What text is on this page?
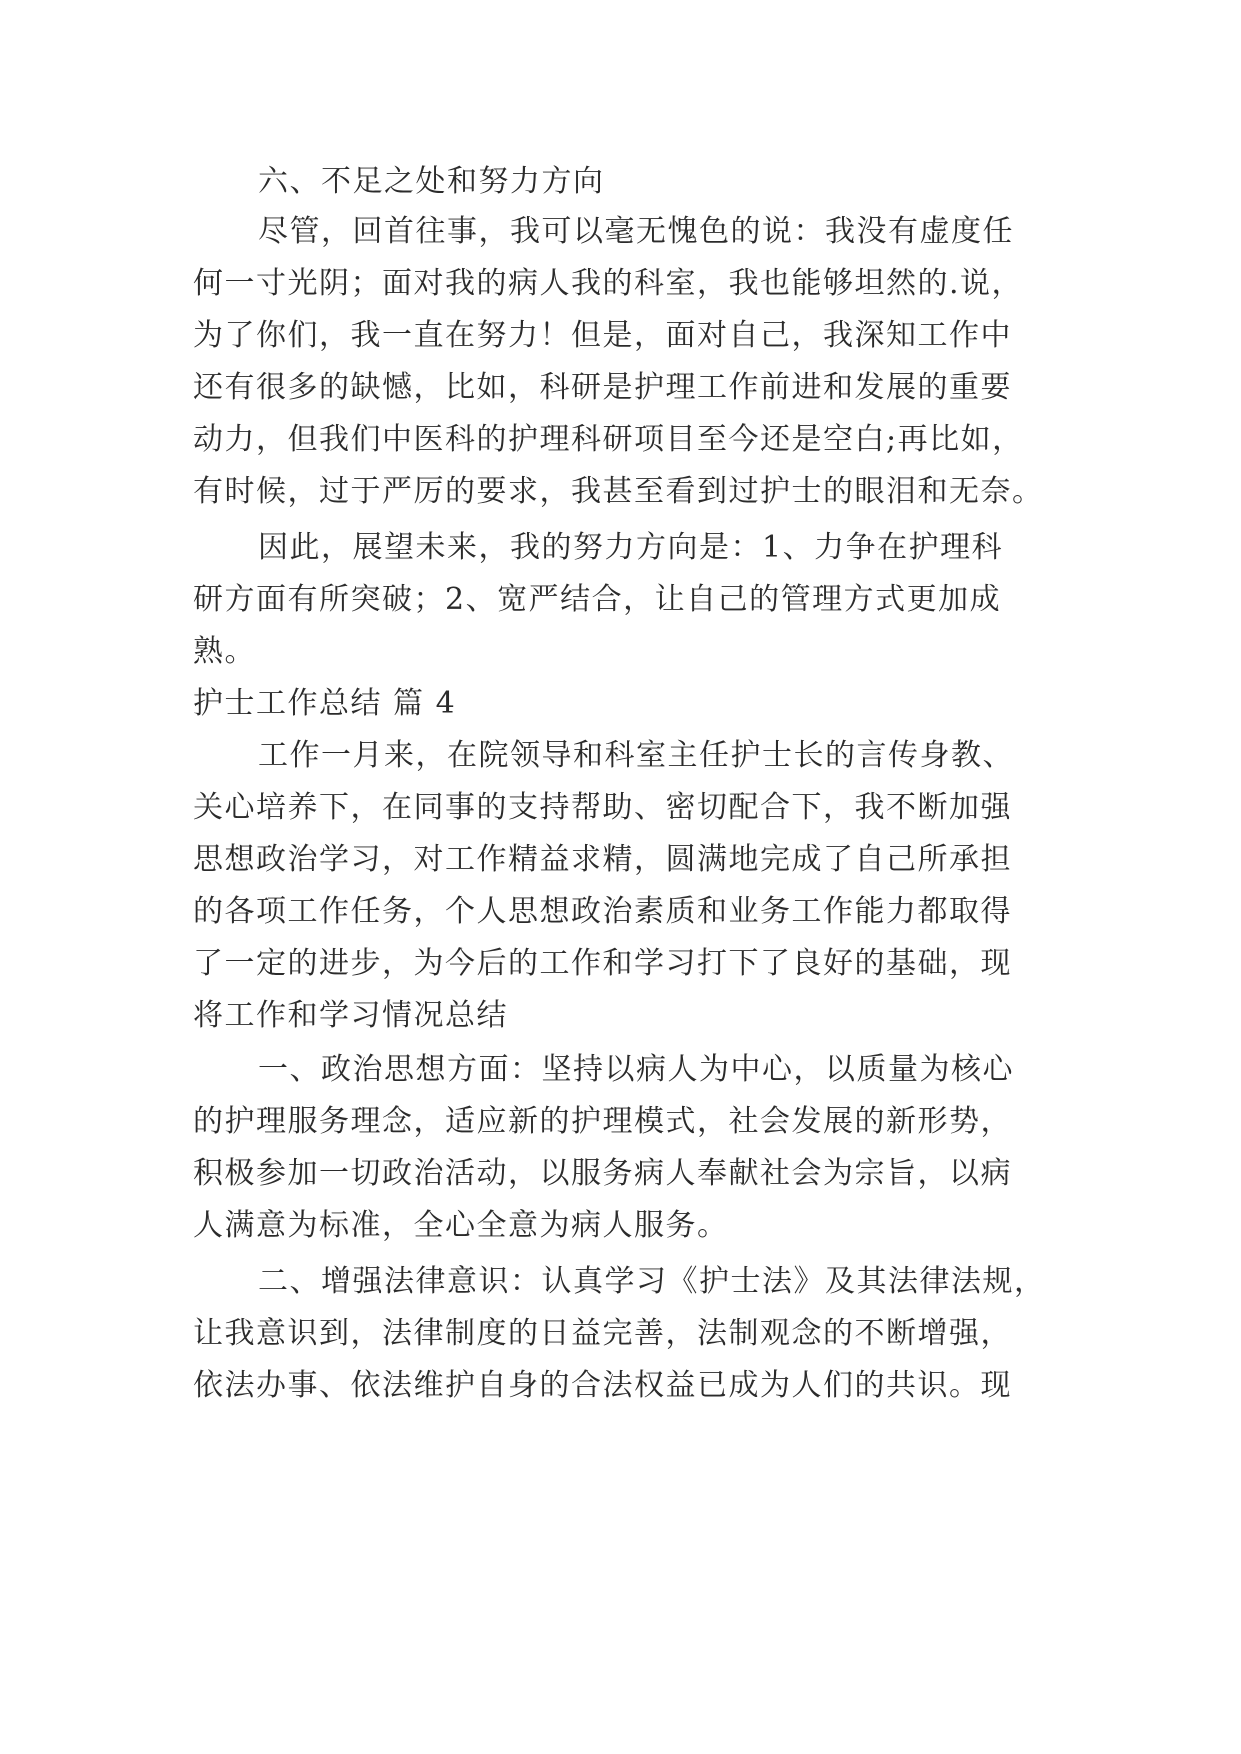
六、不足之处和努力方向
尽管，回首往事，我可以毫无愧色的说：我没有虚度任
何一寸光阴；面对我的病人我的科室，我也能够坦然的.说，
为了你们，我一直在努力！但是，面对自己，我深知工作中
还有很多的缺憾，比如，科研是护理工作前进和发展的重要
动力，但我们中医科的护理科研项目至今还是空白;再比如，
有时候，过于严厉的要求，我甚至看到过护士的眼泪和无奈。
因此，展望未来，我的努力方向是：1、力争在护理科
研方面有所突破；2、宽严结合，让自己的管理方式更加成
熟。
护士工作总结 篇 4
工作一月来，在院领导和科室主任护士长的言传身教、
关心培养下，在同事的支持帮助、密切配合下，我不断加强
思想政治学习，对工作精益求精，圆满地完成了自己所承担
的各项工作任务，个人思想政治素质和业务工作能力都取得
了一定的进步，为今后的工作和学习打下了良好的基础，现
将工作和学习情况总结
一、政治思想方面：坚持以病人为中心，以质量为核心
的护理服务理念，适应新的护理模式，社会发展的新形势，
积极参加一切政治活动，以服务病人奉献社会为宗旨，以病
人满意为标准，全心全意为病人服务。
二、增强法律意识：认真学习《护士法》及其法律法规，
让我意识到，法律制度的日益完善，法制观念的不断增强，
依法办事、依法维护自身的合法权益已成为人们的共识。现
